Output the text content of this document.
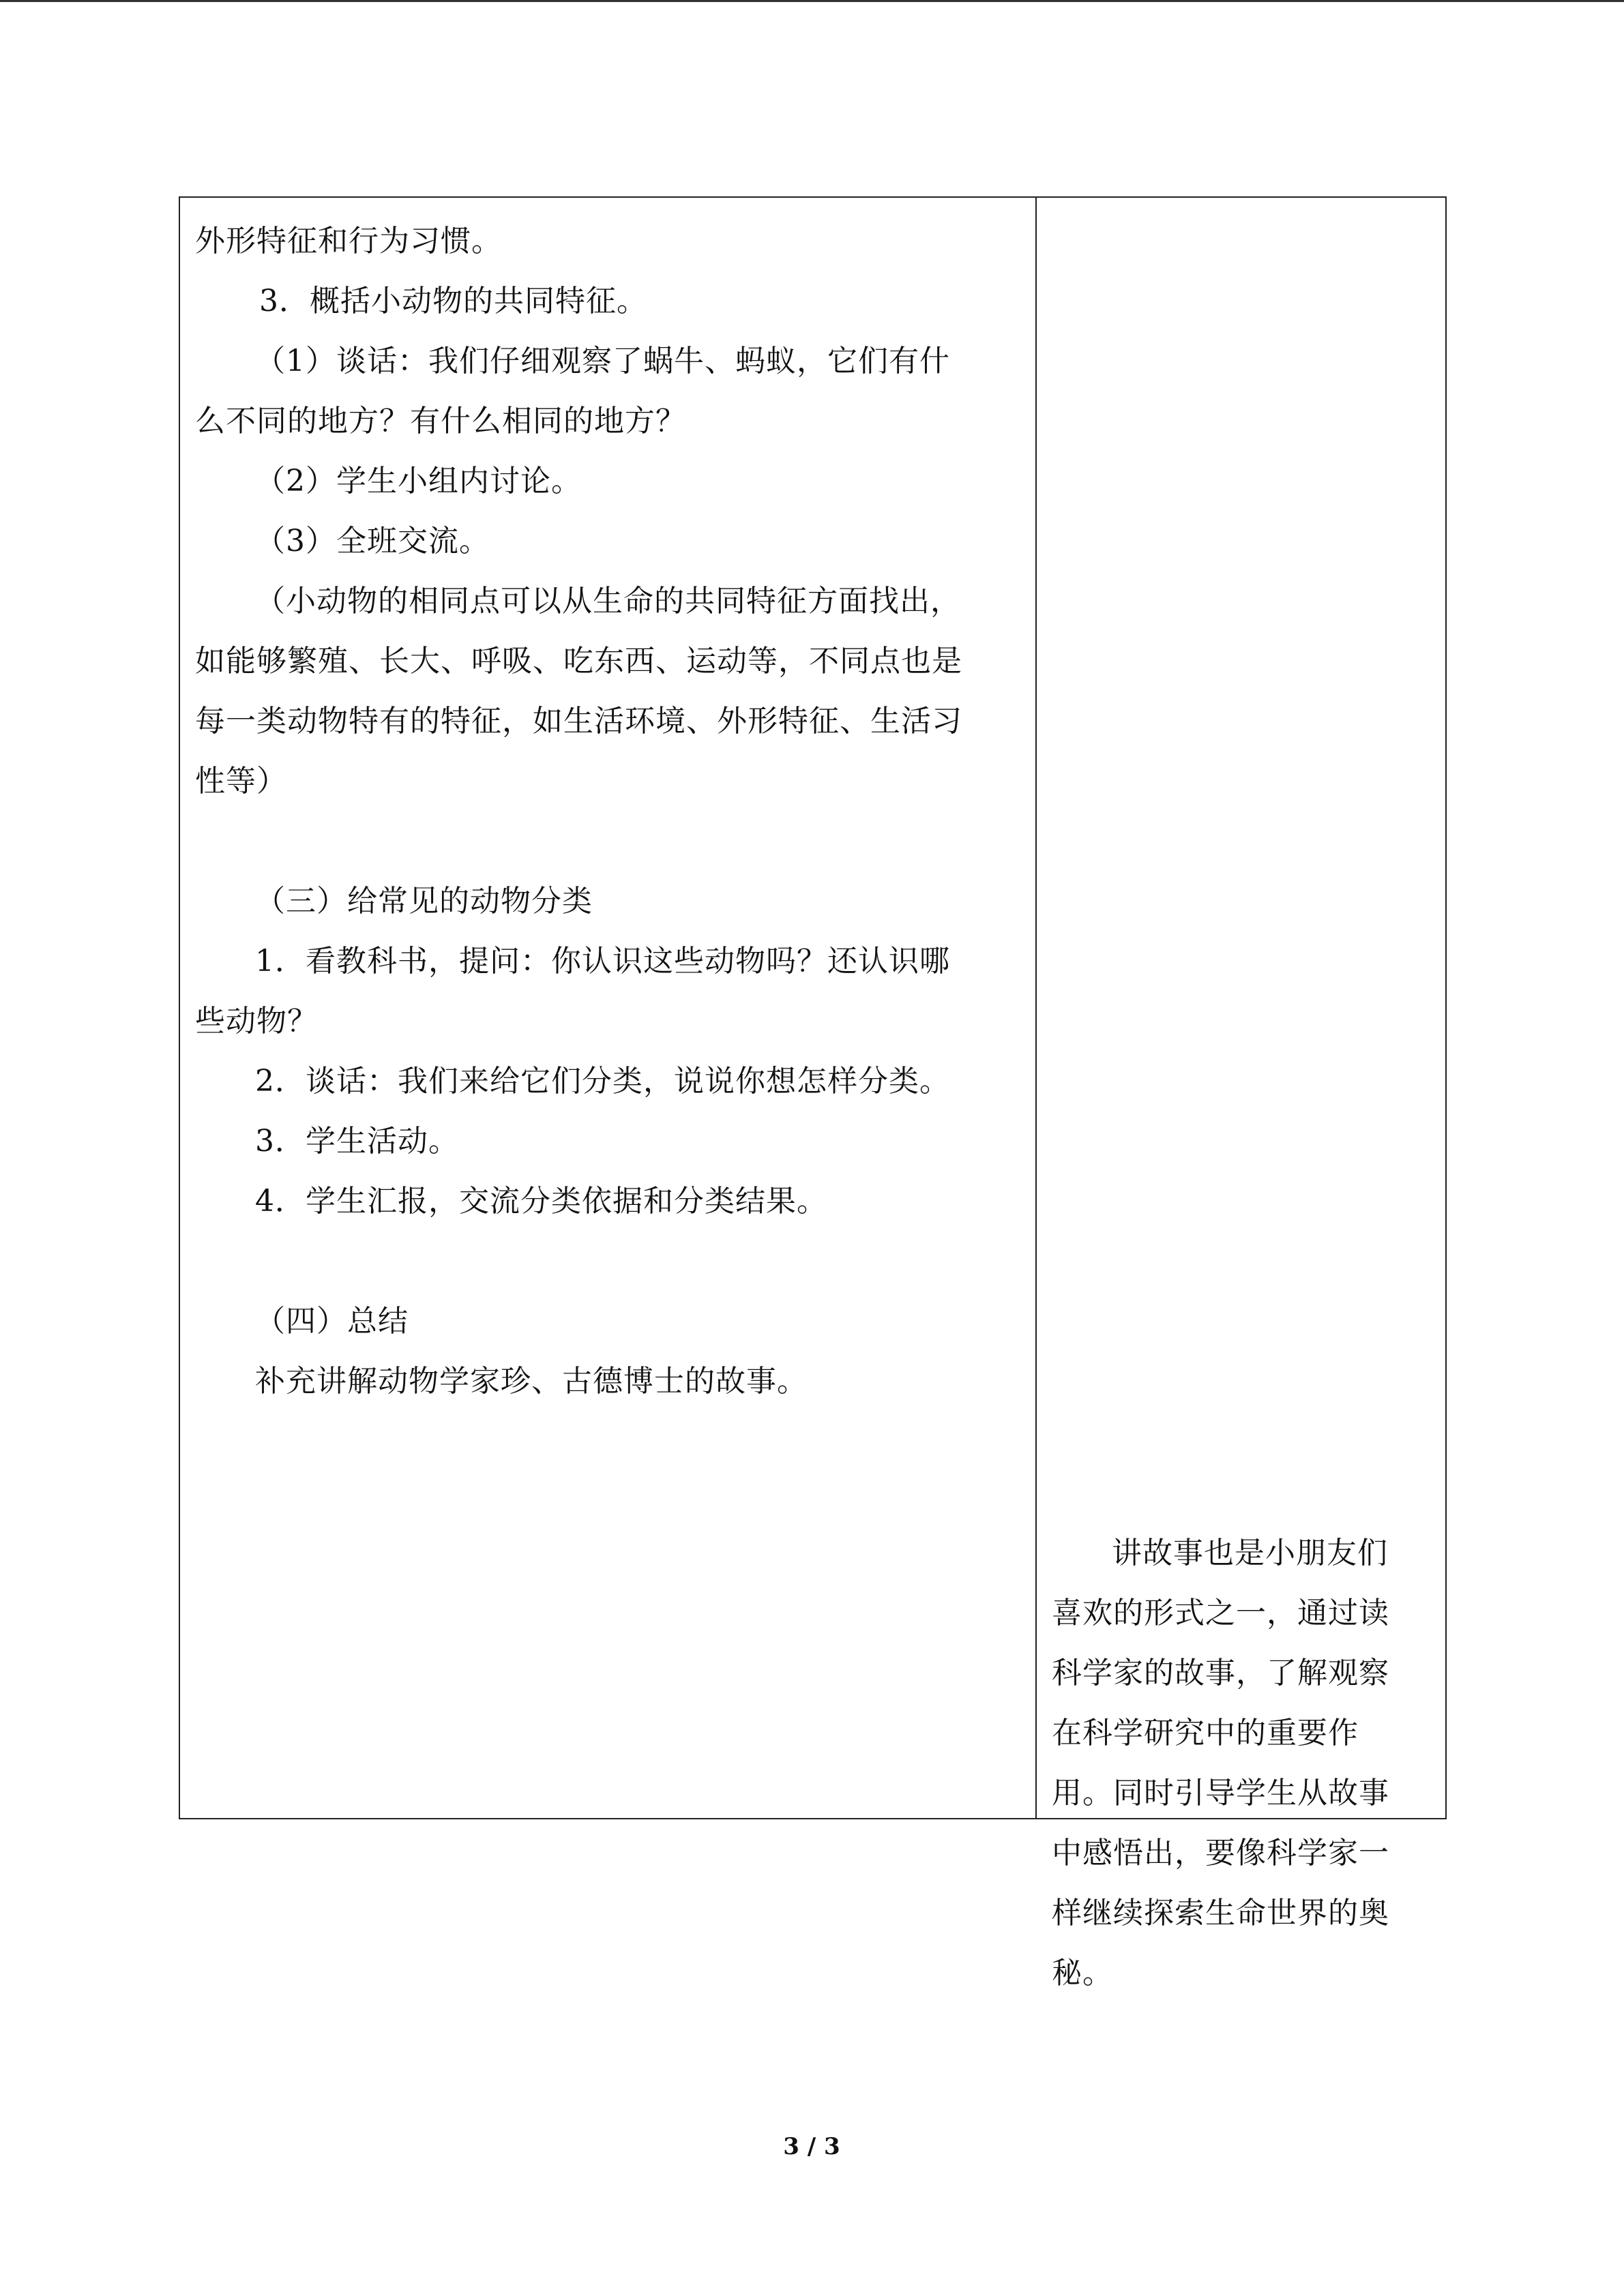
外形特征和行为习惯。
3．概括小动物的共同特征。
（1）谈话：我们仔细观察了蜗牛、蚂蚁，它们有什
么不同的地方？有什么相同的地方？
（2）学生小组内讨论。
（3）全班交流。
（小动物的相同点可以从生命的共同特征方面找出，
如能够繁殖、长大、呼吸、吃东西、运动等，不同点也是
每一类动物特有的特征，如生活环境、外形特征、生活习
性等）
（三）给常见的动物分类
1．看教科书，提问：你认识这些动物吗？还认识哪
些动物？
2．谈话：我们来给它们分类，说说你想怎样分类。
3．学生活动。
4．学生汇报，交流分类依据和分类结果。
（四）总结
补充讲解动物学家珍、古德博士的故事。
讲故事也是小朋友们
喜欢的形式之一，通过读
科学家的故事，了解观察
在科学研究中的重要作
用。同时引导学生从故事
中感悟出，要像科学家一
样继续探索生命世界的奥
秘。
3 / 3
